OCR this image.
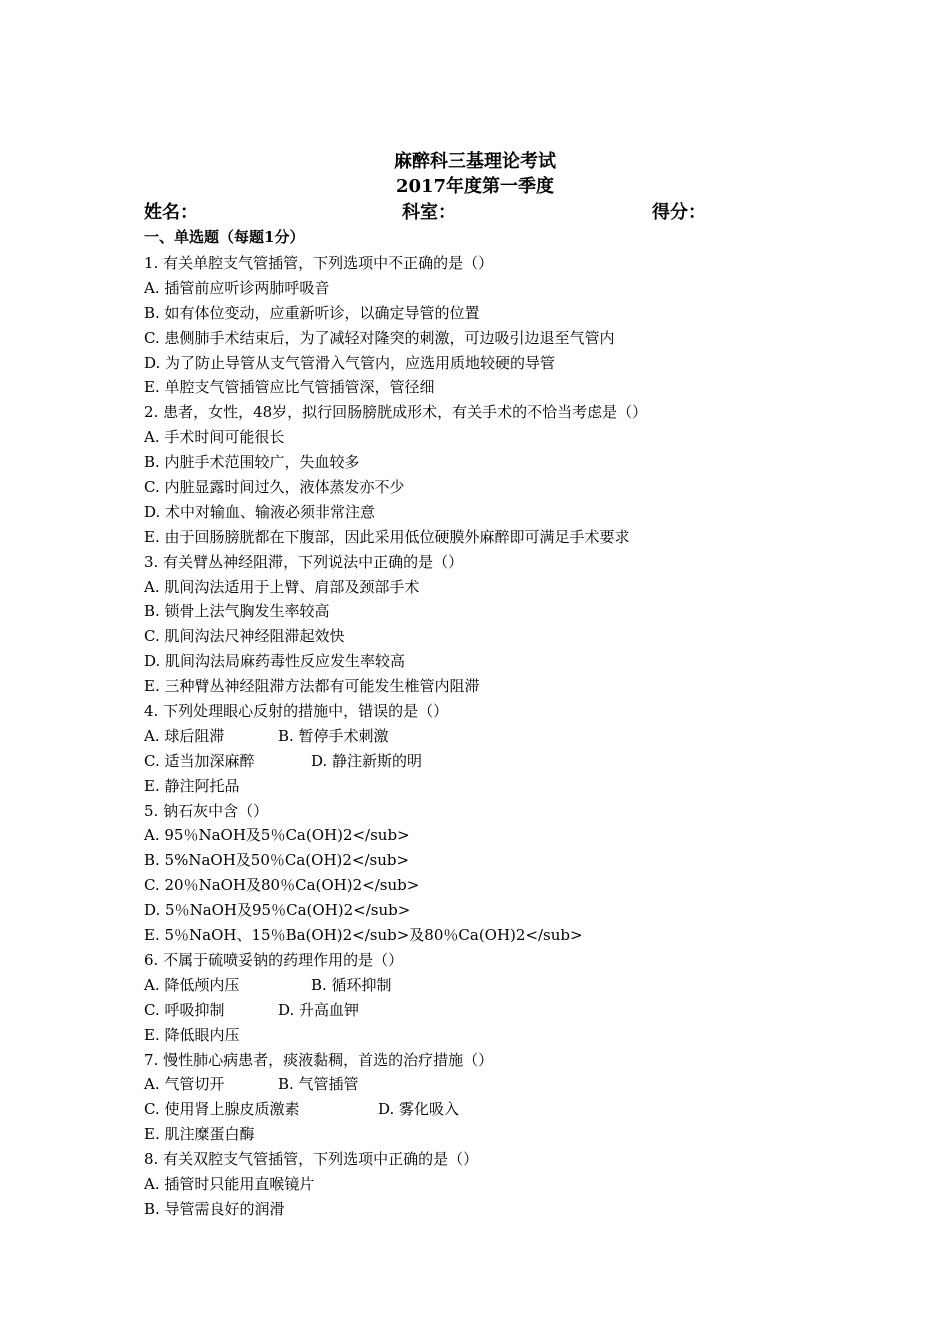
麻醉科三基理论考试
2017年度第一季度
姓名：	科室：	得分：
一、单选题（每题1分）
1. 有关单腔支气管插管，下列选项中不正确的是（）
A. 插管前应听诊两肺呼吸音
B. 如有体位变动，应重新听诊，以确定导管的位置
C. 患侧肺手术结束后，为了减轻对隆突的刺激，可边吸引边退至气管内
D. 为了防止导管从支气管滑入气管内，应选用质地较硬的导管
E. 单腔支气管插管应比气管插管深，管径细
2. 患者，女性，48岁，拟行回肠膀胱成形术，有关手术的不恰当考虑是（）
A. 手术时间可能很长
B. 内脏手术范围较广，失血较多
C. 内脏显露时间过久，液体蒸发亦不少
D. 术中对输血、输液必须非常注意
E. 由于回肠膀胱都在下腹部，因此采用低位硬膜外麻醉即可满足手术要求
3. 有关臂丛神经阻滞，下列说法中正确的是（）
A. 肌间沟法适用于上臂、肩部及颈部手术
B. 锁骨上法气胸发生率较高
C. 肌间沟法尺神经阻滞起效快
D. 肌间沟法局麻药毒性反应发生率较高
E. 三种臂丛神经阻滞方法都有可能发生椎管内阻滞
4. 下列处理眼心反射的措施中，错误的是（）
A. 球后阻滞	B. 暂停手术刺激
C. 适当加深麻醉	D. 静注新斯的明
E. 静注阿托品
5. 钠石灰中含（）
A. 95％NaOH及5％Ca(OH)2</sub>
B. 5%NaOH及50％Ca(OH)2</sub>
C. 20％NaOH及80％Ca(OH)2</sub>
D. 5％NaOH及95％Ca(OH)2</sub>
E. 5％NaOH、15％Ba(OH)2</sub>及80％Ca(OH)2</sub>
6. 不属于硫喷妥钠的药理作用的是（）
A. 降低颅内压	B. 循环抑制
C. 呼吸抑制	D. 升高血钾
E. 降低眼内压
7. 慢性肺心病患者，痰液黏稠，首选的治疗措施（）
A. 气管切开	B. 气管插管
C. 使用肾上腺皮质激素	D. 雾化吸入
E. 肌注糜蛋白酶
8. 有关双腔支气管插管，下列选项中正确的是（）
A. 插管时只能用直喉镜片
B. 导管需良好的润滑
